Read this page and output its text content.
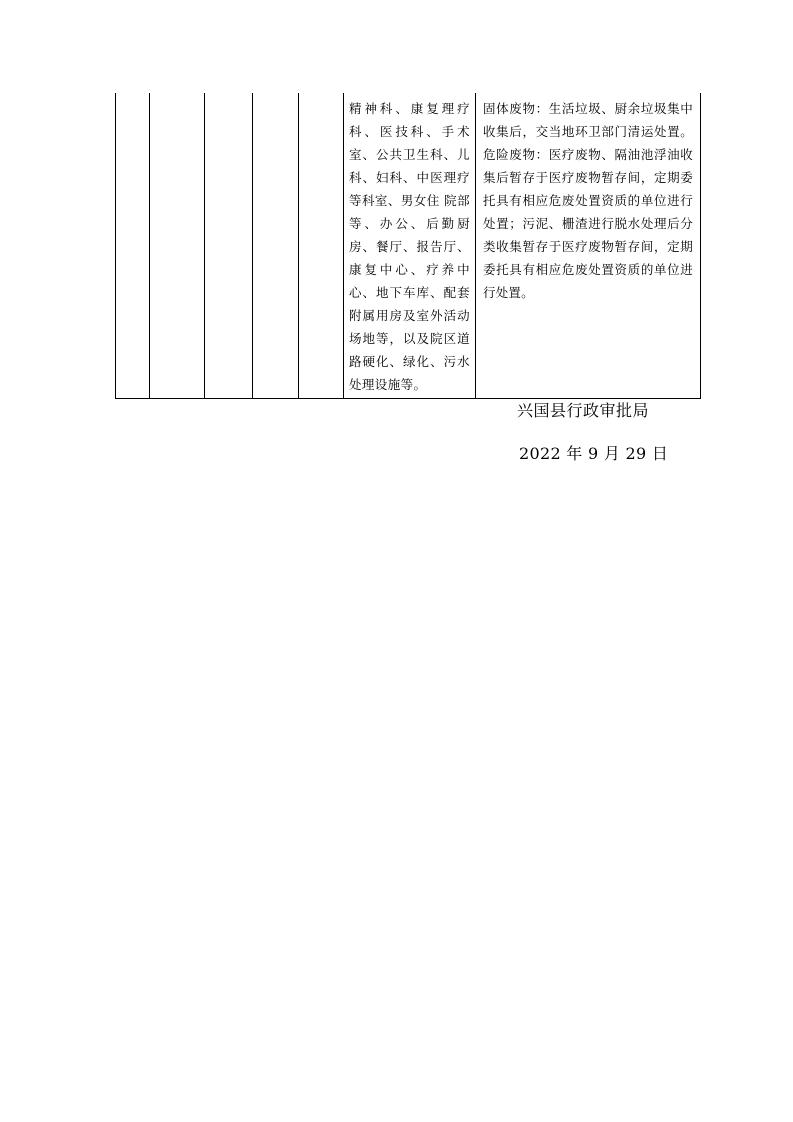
					精神科、康复理疗科、医技科、手术室、公共卫生科、儿科、妇科、中医理疗等科室、男女住 院部等、办公、后勤厨房、餐厅、报告厅、康复中心、疗养中心、地下车库、配套附属用房及室外活动场地等，以及院区道路硬化、绿化、污水处理设施等。	固体废物：生活垃圾、厨余垃圾集中收集后，交当地环卫部门清运处置。危险废物：医疗废物、隔油池浮油收集后暂存于医疗废物暂存间，定期委托具有相应危废处置资质的单位进行处置；污泥、栅渣进行脱水处理后分类收集暂存于医疗废物暂存间，定期委托具有相应危废处置资质的单位进行处置。
兴国县行政审批局
2022 年 9 月 29 日
